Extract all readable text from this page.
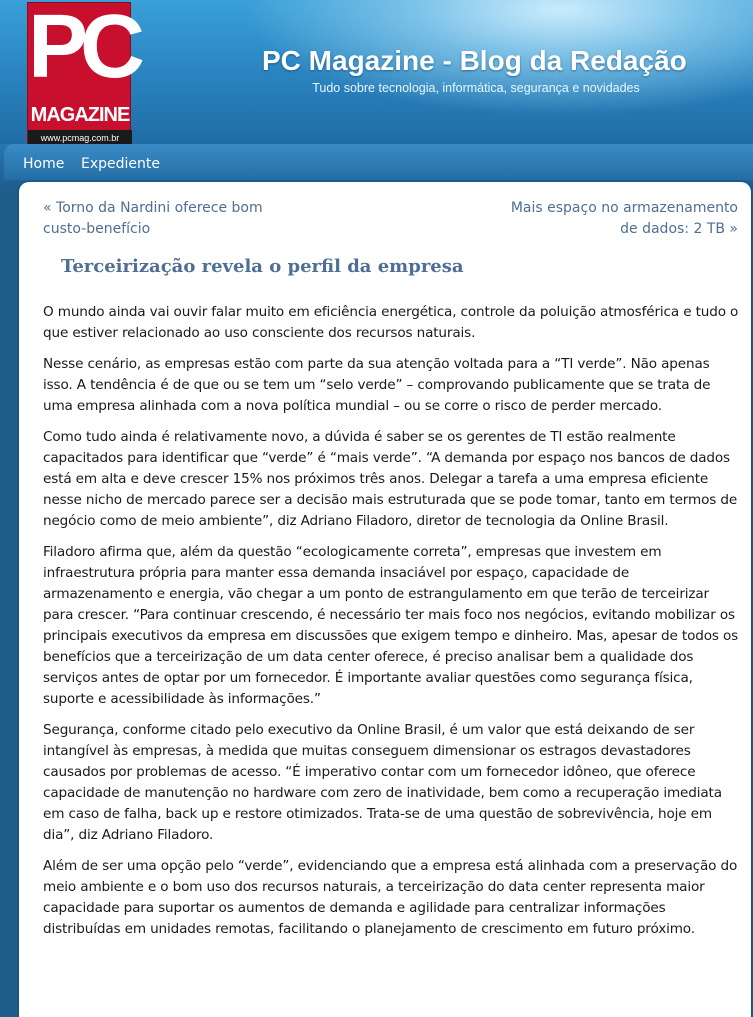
PC
MAGAZINE
www.pcmag.com.br
PC Magazine - Blog da Redação
Tudo sobre tecnologia, informática, segurança e novidades
Home Expediente
« Torno da Nardini oferece bom custo-benefício
Mais espaço no armazenamento de dados: 2 TB »
Terceirização revela o perfil da empresa

O mundo ainda vai ouvir falar muito em eficiência energética, controle da poluição atmosférica e tudo o que estiver relacionado ao uso consciente dos recursos naturais.

Nesse cenário, as empresas estão com parte da sua atenção voltada para a “TI verde”. Não apenas isso. A tendência é de que ou se tem um “selo verde” – comprovando publicamente que se trata de uma empresa alinhada com a nova política mundial – ou se corre o risco de perder mercado.

Como tudo ainda é relativamente novo, a dúvida é saber se os gerentes de TI estão realmente capacitados para identificar que “verde” é “mais verde”. “A demanda por espaço nos bancos de dados está em alta e deve crescer 15% nos próximos três anos. Delegar a tarefa a uma empresa eficiente nesse nicho de mercado parece ser a decisão mais estruturada que se pode tomar, tanto em termos de negócio como de meio ambiente”, diz Adriano Filadoro, diretor de tecnologia da Online Brasil.

Filadoro afirma que, além da questão “ecologicamente correta”, empresas que investem em infraestrutura própria para manter essa demanda insaciável por espaço, capacidade de armazenamento e energia, vão chegar a um ponto de estrangulamento em que terão de terceirizar para crescer. “Para continuar crescendo, é necessário ter mais foco nos negócios, evitando mobilizar os principais executivos da empresa em discussões que exigem tempo e dinheiro. Mas, apesar de todos os benefícios que a terceirização de um data center oferece, é preciso analisar bem a qualidade dos serviços antes de optar por um fornecedor. É importante avaliar questões como segurança física, suporte e acessibilidade às informações.”

Segurança, conforme citado pelo executivo da Online Brasil, é um valor que está deixando de ser intangível às empresas, à medida que muitas conseguem dimensionar os estragos devastadores causados por problemas de acesso. “É imperativo contar com um fornecedor idôneo, que oferece capacidade de manutenção no hardware com zero de inatividade, bem como a recuperação imediata em caso de falha, back up e restore otimizados. Trata-se de uma questão de sobrevivência, hoje em dia”, diz Adriano Filadoro.

Além de ser uma opção pelo “verde”, evidenciando que a empresa está alinhada com a preservação do meio ambiente e o bom uso dos recursos naturais, a terceirização do data center representa maior capacidade para suportar os aumentos de demanda e agilidade para centralizar informações distribuídas em unidades remotas, facilitando o planejamento de crescimento em futuro próximo.
